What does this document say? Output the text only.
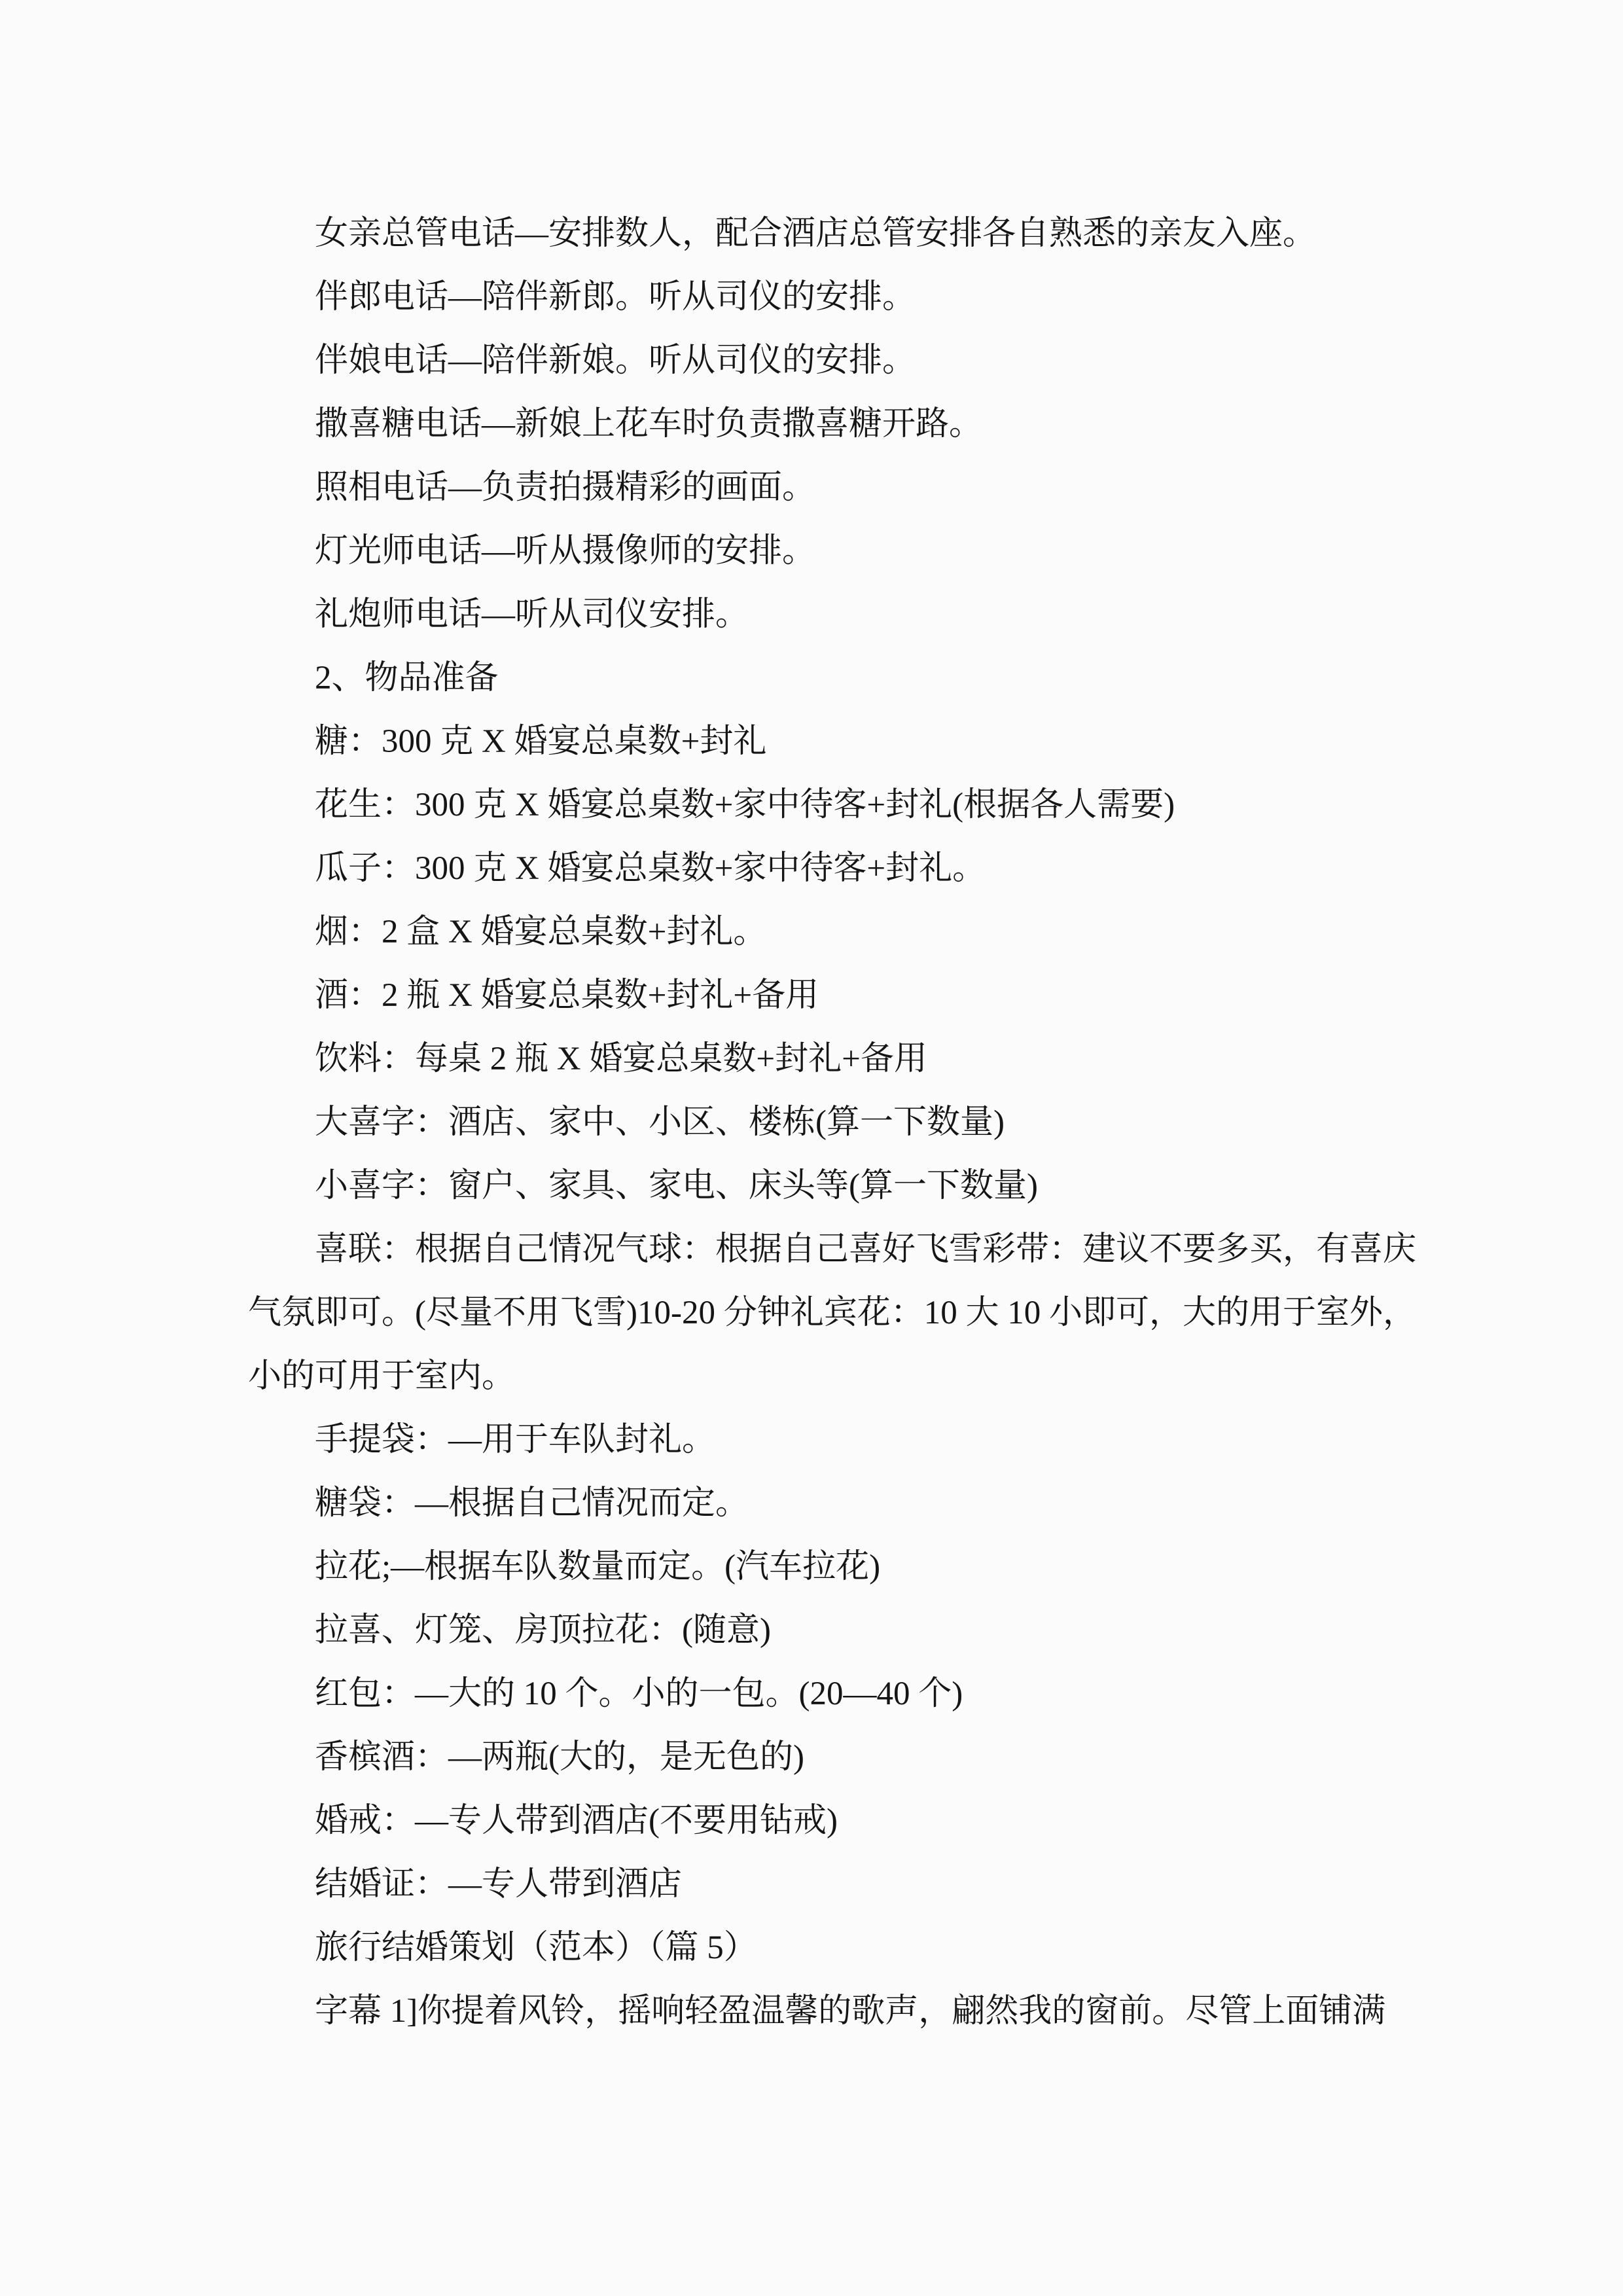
女亲总管电话—安排数人，配合酒店总管安排各自熟悉的亲友入座。
伴郎电话—陪伴新郎。听从司仪的安排。
伴娘电话—陪伴新娘。听从司仪的安排。
撒喜糖电话—新娘上花车时负责撒喜糖开路。
照相电话—负责拍摄精彩的画面。
灯光师电话—听从摄像师的安排。
礼炮师电话—听从司仪安排。
2、物品准备
糖：300 克 X 婚宴总桌数+封礼
花生：300 克 X 婚宴总桌数+家中待客+封礼(根据各人需要)
瓜子：300 克 X 婚宴总桌数+家中待客+封礼。
烟：2 盒 X 婚宴总桌数+封礼。
酒：2 瓶 X 婚宴总桌数+封礼+备用
饮料：每桌 2 瓶 X 婚宴总桌数+封礼+备用
大喜字：酒店、家中、小区、楼栋(算一下数量)
小喜字：窗户、家具、家电、床头等(算一下数量)
喜联：根据自己情况气球：根据自己喜好飞雪彩带：建议不要多买，有喜庆
气氛即可。(尽量不用飞雪)10-20 分钟礼宾花：10 大 10 小即可，大的用于室外，
小的可用于室内。
手提袋：—用于车队封礼。
糖袋：—根据自己情况而定。
拉花;—根据车队数量而定。(汽车拉花)
拉喜、灯笼、房顶拉花：(随意)
红包：—大的 10 个。小的一包。(20—40 个)
香槟酒：—两瓶(大的，是无色的)
婚戒：—专人带到酒店(不要用钻戒)
结婚证：—专人带到酒店
旅行结婚策划（范本）（篇 5）
字幕 1]你提着风铃，摇响轻盈温馨的歌声，翩然我的窗前。尽管上面铺满
